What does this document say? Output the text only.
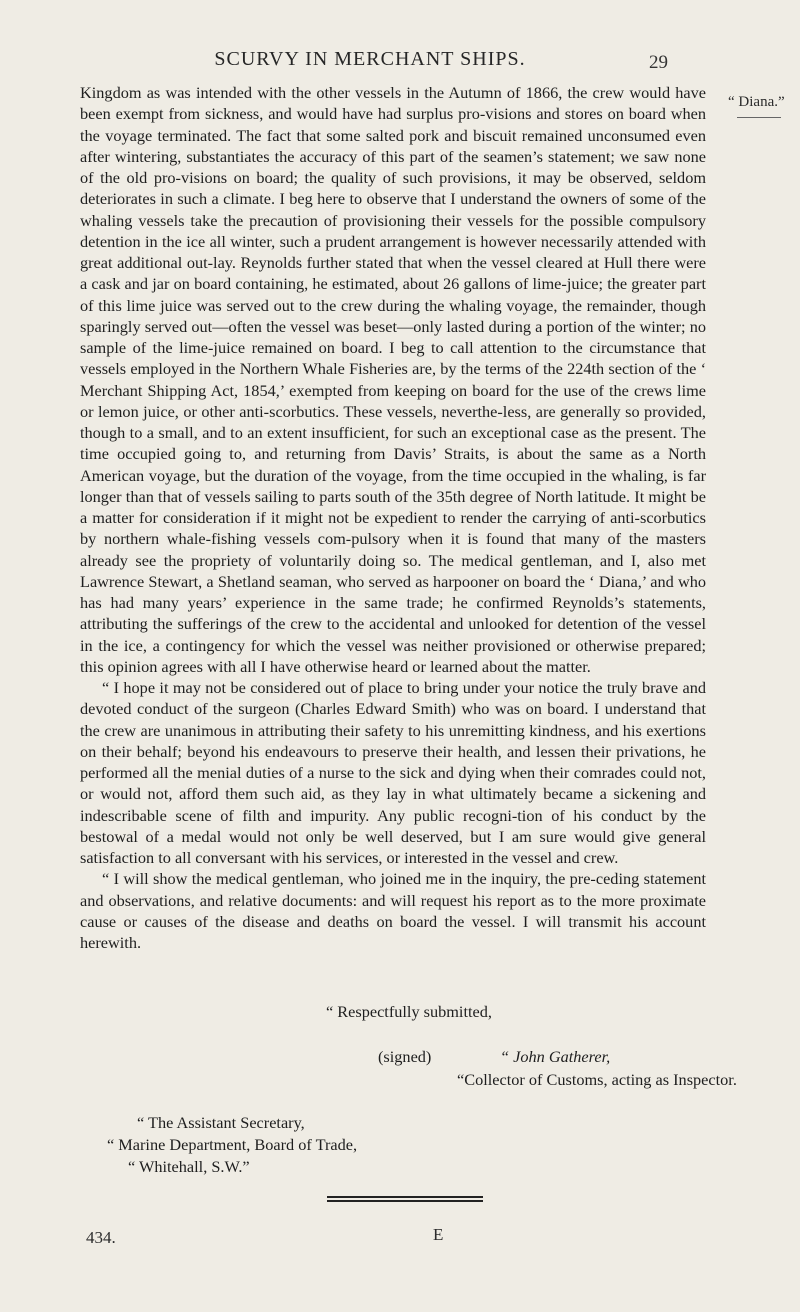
SCURVY IN MERCHANT SHIPS.	29
“ Diana.”

Kingdom as was intended with the other vessels in the Autumn of 1866, the crew would have been exempt from sickness, and would have had surplus pro-visions and stores on board when the voyage terminated. The fact that some salted pork and biscuit remained unconsumed even after wintering, substantiates the accuracy of this part of the seamen’s statement; we saw none of the old pro-visions on board; the quality of such provisions, it may be observed, seldom deteriorates in such a climate. I beg here to observe that I understand the owners of some of the whaling vessels take the precaution of provisioning their vessels for the possible compulsory detention in the ice all winter, such a prudent arrangement is however necessarily attended with great additional out-lay. Reynolds further stated that when the vessel cleared at Hull there were a cask and jar on board containing, he estimated, about 26 gallons of lime-juice; the greater part of this lime juice was served out to the crew during the whaling voyage, the remainder, though sparingly served out—often the vessel was beset—only lasted during a portion of the winter; no sample of the lime-juice remained on board. I beg to call attention to the circumstance that vessels employed in the Northern Whale Fisheries are, by the terms of the 224th section of the ‘ Merchant Shipping Act, 1854,’ exempted from keeping on board for the use of the crews lime or lemon juice, or other anti-scorbutics. These vessels, neverthe-less, are generally so provided, though to a small, and to an extent insufficient, for such an exceptional case as the present. The time occupied going to, and returning from Davis’ Straits, is about the same as a North American voyage, but the duration of the voyage, from the time occupied in the whaling, is far longer than that of vessels sailing to parts south of the 35th degree of North latitude. It might be a matter for consideration if it might not be expedient to render the carrying of anti-scorbutics by northern whale-fishing vessels com-pulsory when it is found that many of the masters already see the propriety of voluntarily doing so. The medical gentleman, and I, also met Lawrence Stewart, a Shetland seaman, who served as harpooner on board the ‘ Diana,’ and who has had many years’ experience in the same trade; he confirmed Reynolds’s statements, attributing the sufferings of the crew to the accidental and unlooked for detention of the vessel in the ice, a contingency for which the vessel was neither provisioned or otherwise prepared; this opinion agrees with all I have otherwise heard or learned about the matter.

“ I hope it may not be considered out of place to bring under your notice the truly brave and devoted conduct of the surgeon (Charles Edward Smith) who was on board. I understand that the crew are unanimous in attributing their safety to his unremitting kindness, and his exertions on their behalf; beyond his endeavours to preserve their health, and lessen their privations, he performed all the menial duties of a nurse to the sick and dying when their comrades could not, or would not, afford them such aid, as they lay in what ultimately became a sickening and indescribable scene of filth and impurity. Any public recogni-tion of his conduct by the bestowal of a medal would not only be well deserved, but I am sure would give general satisfaction to all conversant with his services, or interested in the vessel and crew.

“ I will show the medical gentleman, who joined me in the inquiry, the pre-ceding statement and observations, and relative documents: and will request his report as to the more proximate cause or causes of the disease and deaths on board the vessel. I will transmit his account herewith.

“ Respectfully submitted,
(signed)	“ John Gatherer,
“Collector of Customs, acting as Inspector.
“ The Assistant Secretary,
“ Marine Department, Board of Trade,
“ Whitehall, S.W.”
434.	E
